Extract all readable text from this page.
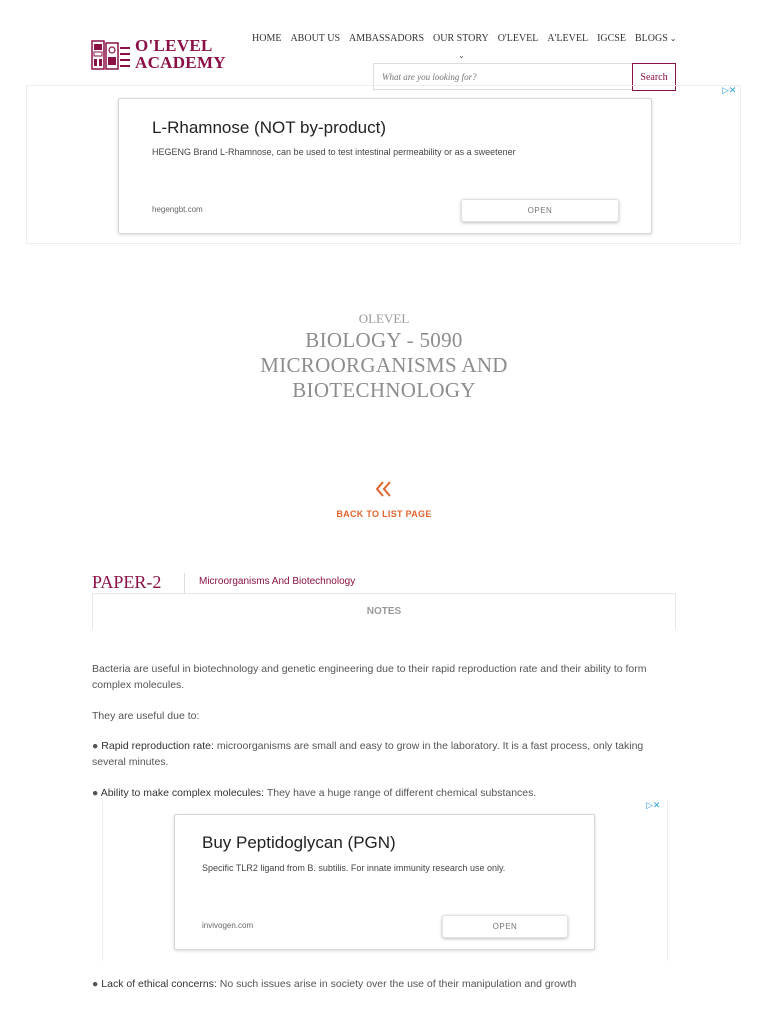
O'LEVEL
ACADEMY
HOME ABOUT US AMBASSADORS OUR STORY O'LEVEL A'LEVEL IGCSE BLOGS ⌄
⌄
What are you looking for?
Search
▷✕
L-Rhamnose (NOT by-product)
HEGENG Brand L-Rhamnose, can be used to test intestinal permeability or as a sweetener
hegengbt.com	OPEN
OLEVEL
BIOLOGY - 5090
MICROORGANISMS AND
BIOTECHNOLOGY
BACK TO LIST PAGE
PAPER-2	Microorganisms And Biotechnology
NOTES
Bacteria are useful in biotechnology and genetic engineering due to their rapid reproduction rate and their ability to form complex molecules.
They are useful due to:
● Rapid reproduction rate: microorganisms are small and easy to grow in the laboratory. It is a fast process, only taking several minutes.
● Ability to make complex molecules: They have a huge range of different chemical substances.
▷✕
Buy Peptidoglycan (PGN)
Specific TLR2 ligand from B. subtilis. For innate immunity research use only.
invivogen.com	OPEN
● Lack of ethical concerns: No such issues arise in society over the use of their manipulation and growth
